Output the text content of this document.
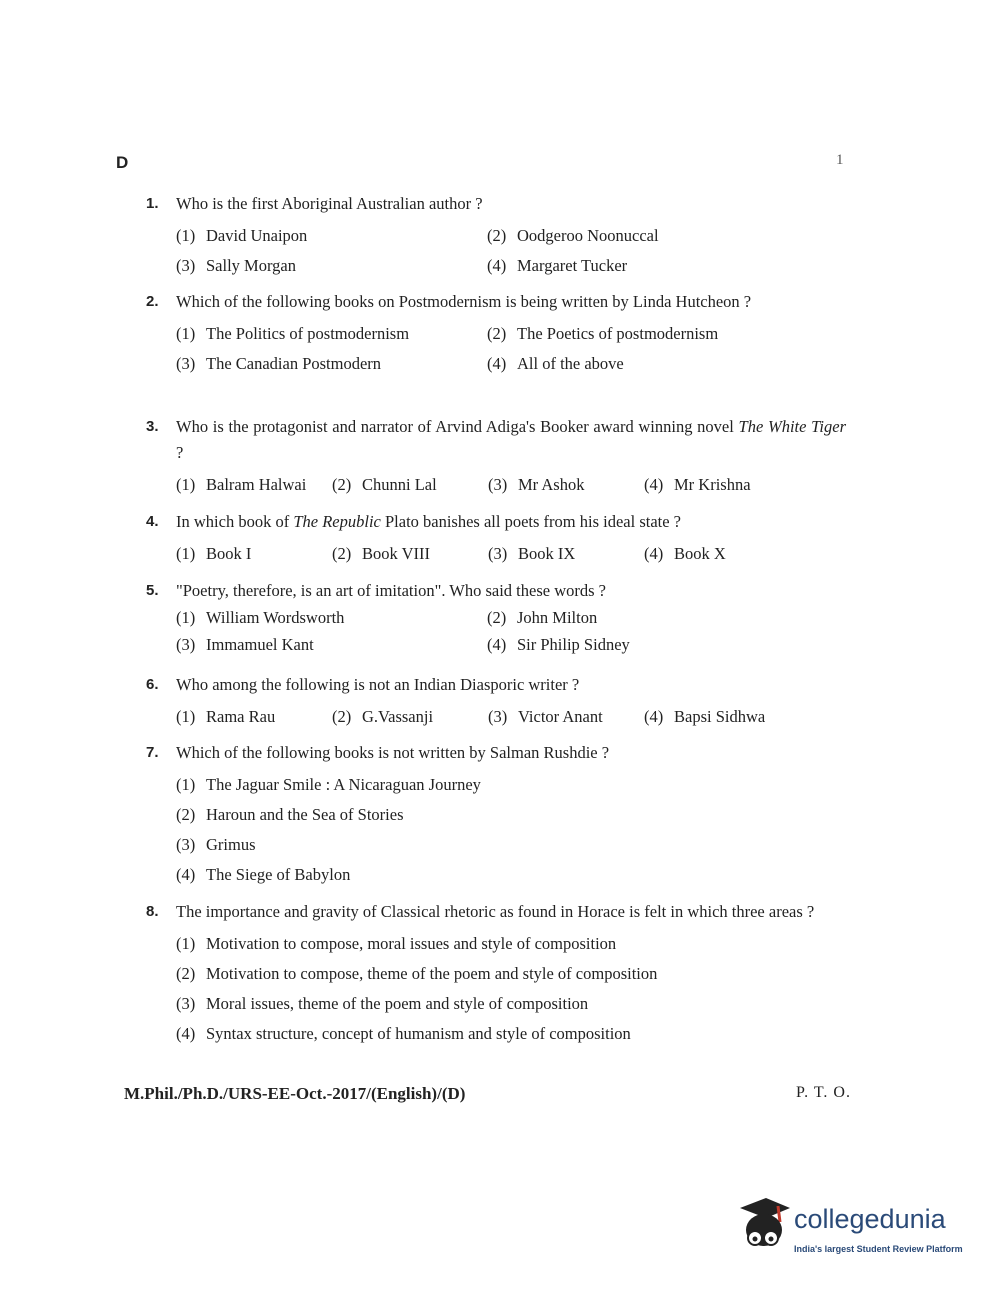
D	1
1.	Who is the first Aboriginal Australian author ?
(1) David Unaipon	(2) Oodgeroo Noonuccal
(3) Sally Morgan	(4) Margaret Tucker
2.	Which of the following books on Postmodernism is being written by Linda Hutcheon ?
(1) The Politics of postmodernism	(2) The Poetics of postmodernism
(3) The Canadian Postmodern	(4) All of the above
3.	Who is the protagonist and narrator of Arvind Adiga's Booker award winning novel The White Tiger ?
(1) Balram Halwai	(2) Chunni Lal	(3) Mr Ashok	(4) Mr Krishna
4.	In which book of The Republic Plato banishes all poets from his ideal state ?
(1) Book I	(2) Book VIII	(3) Book IX	(4) Book X
5.	"Poetry, therefore, is an art of imitation". Who said these words ?
(1) William Wordsworth	(2) John Milton
(3) Immamuel Kant	(4) Sir Philip Sidney
6.	Who among the following is not an Indian Diasporic writer ?
(1) Rama Rau	(2) G.Vassanji	(3) Victor Anant	(4) Bapsi Sidhwa
7.	Which of the following books is not written by Salman Rushdie ?
(1) The Jaguar Smile : A Nicaraguan Journey
(2) Haroun and the Sea of Stories
(3) Grimus
(4) The Siege of Babylon
8.	The importance and gravity of Classical rhetoric as found in Horace is felt in which three areas ?
(1) Motivation to compose, moral issues and style of composition
(2) Motivation to compose, theme of the poem and style of composition
(3) Moral issues, theme of the poem and style of composition
(4) Syntax structure, concept of humanism and style of composition
M.Phil./Ph.D./URS-EE-Oct.-2017/(English)/(D)	P. T. O.
collegedunia
India's largest Student Review Platform
